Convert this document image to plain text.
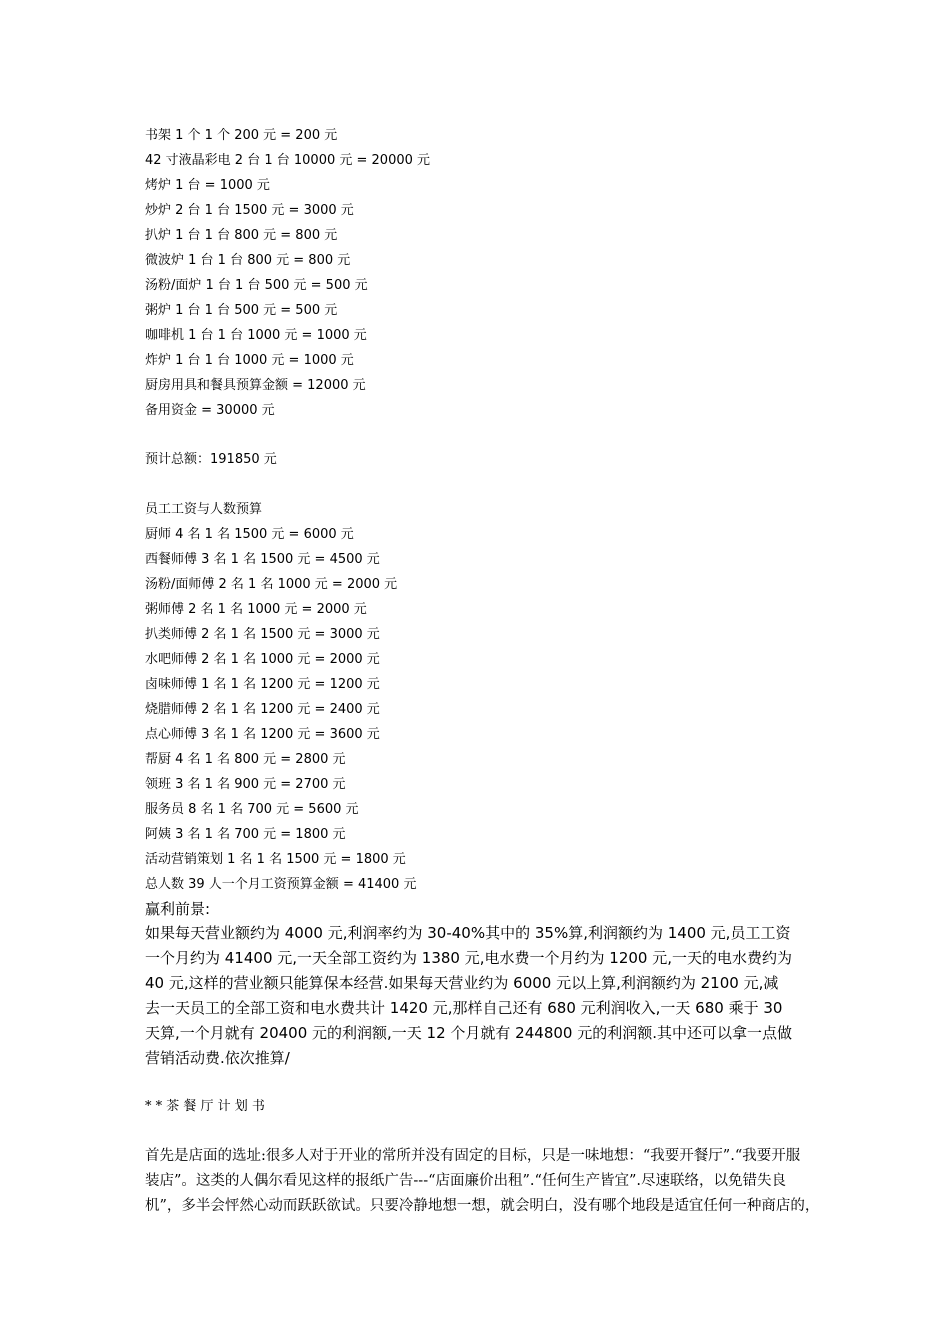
书架 1 个 1 个 200 元 = 200 元
42 寸液晶彩电 2 台 1 台 10000 元 = 20000 元
烤炉 1 台 = 1000 元
炒炉 2 台 1 台 1500 元 = 3000 元
扒炉 1 台 1 台 800 元 = 800 元
微波炉 1 台 1 台 800 元 = 800 元
汤粉/面炉 1 台 1 台 500 元 = 500 元
粥炉 1 台 1 台 500 元 = 500 元
咖啡机 1 台 1 台 1000 元 = 1000 元
炸炉 1 台 1 台 1000 元 = 1000 元
厨房用具和餐具预算金额 = 12000 元
备用资金 = 30000 元
预计总额：191850 元
员工工资与人数预算
厨师 4 名 1 名 1500 元 = 6000 元
西餐师傅 3 名 1 名 1500 元 = 4500 元
汤粉/面师傅 2 名 1 名 1000 元 = 2000 元
粥师傅 2 名 1 名 1000 元 = 2000 元
扒类师傅 2 名 1 名 1500 元 = 3000 元
水吧师傅 2 名 1 名 1000 元 = 2000 元
卤味师傅 1 名 1 名 1200 元 = 1200 元
烧腊师傅 2 名 1 名 1200 元 = 2400 元
点心师傅 3 名 1 名 1200 元 = 3600 元
帮厨 4 名 1 名 800 元 = 2800 元
领班 3 名 1 名 900 元 = 2700 元
服务员 8 名 1 名 700 元 = 5600 元
阿姨 3 名 1 名 700 元 = 1800 元
活动营销策划 1 名 1 名 1500 元 = 1800 元
总人数 39 人一个月工资预算金额 = 41400 元
赢利前景:
如果每天营业额约为 4000 元,利润率约为 30-40%其中的 35%算,利润额约为 1400 元,员工工资
一个月约为 41400 元,一天全部工资约为 1380 元,电水费一个月约为 1200 元,一天的电水费约为
40 元,这样的营业额只能算保本经营.如果每天营业约为 6000 元以上算,利润额约为 2100 元,减
去一天员工的全部工资和电水费共计 1420 元,那样自己还有 680 元利润收入,一天 680 乘于 30
天算,一个月就有 20400 元的利润额,一天 12 个月就有 244800 元的利润额.其中还可以拿一点做
营销活动费.依次推算/
* * 茶 餐 厅 计 划 书
首先是店面的选址:很多人对于开业的常所并没有固定的目标，只是一味地想：“我要开餐厅”.“我要开服
装店”。这类的人偶尔看见这样的报纸广告---“店面廉价出租”.“任何生产皆宜”.尽速联络，以免错失良
机”，多半会怦然心动而跃跃欲试。只要冷静地想一想，就会明白，没有哪个地段是适宜任何一种商店的，
